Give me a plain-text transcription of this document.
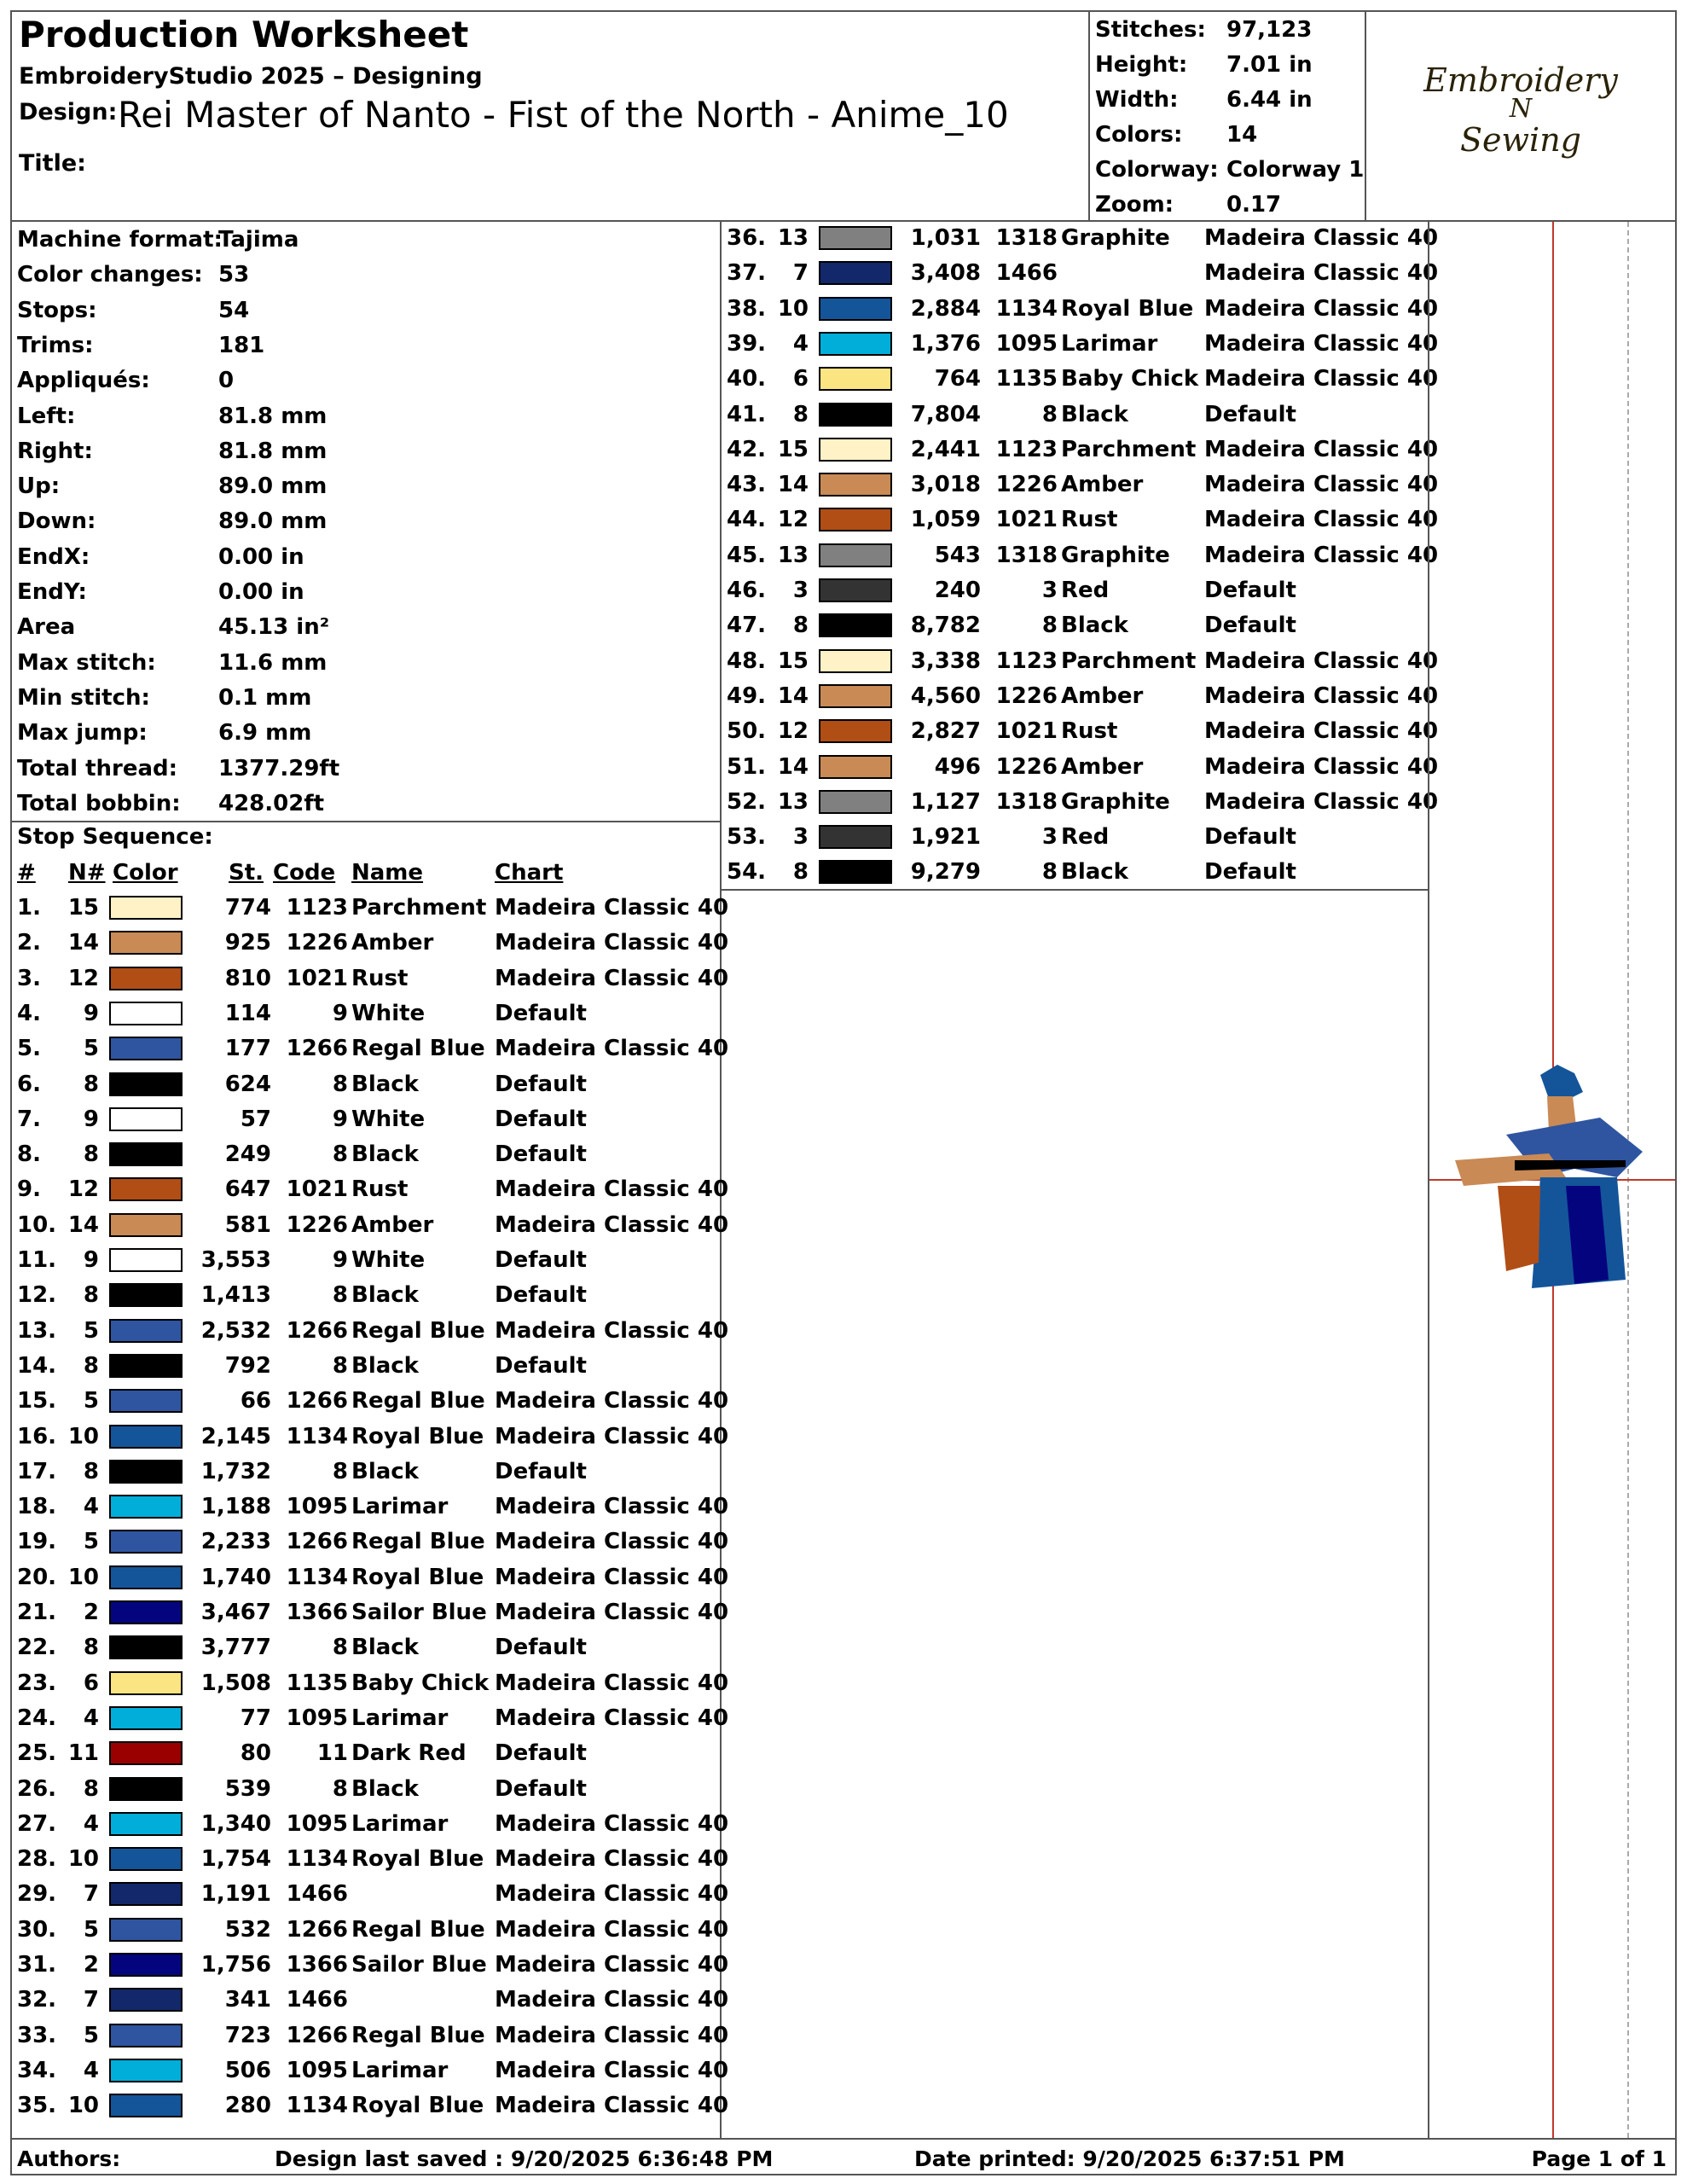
Production Worksheet
EmbroideryStudio 2025 – Designing
Design: Rei Master of Nanto - Fist of the North - Anime_10
Title:
Stitches: 97,123
Height: 7.01 in
Width: 6.44 in
Colors: 14
Colorway: Colorway 1
Zoom: 0.17
Embroidery
N
Sewing
Machine format:
Tajima
Color changes: 53
Stops:	54
Trims:	181
Appliqués:	0
Left:	81.8 mm
Right:	81.8 mm
Up:	89.0 mm
Down:	89.0 mm
EndX:	0.00 in
EndY:	0.00 in
Area	45.13 in²
Max stitch:	11.6 mm
Min stitch:	0.1 mm
Max jump:	6.9 mm
Total thread: 1377.29ft
Total bobbin: 428.02ft
Stop Sequence:
# N# Color St. Code Name	Chart
1.	15	774 1123 Parchment Madeira Classic 40
2.	14	925 1226 Amber	Madeira Classic 40
3.	12	810 1021 Rust	Madeira Classic 40
4.	9	114	9 White	Default
5.	5	177 1266 Regal Blue Madeira Classic 40
6.	8	624	8 Black	Default
7.	9	57	9 White	Default
8.	8	249	8 Black	Default
9.	12	647 1021 Rust	Madeira Classic 40
10. 14	581 1226 Amber	Madeira Classic 40
11.	9	3,553	9 White	Default
12.	8	1,413	8 Black	Default
13.	5	2,532 1266 Regal Blue Madeira Classic 40
14.	8	792	8 Black	Default
15.	5	66 1266 Regal Blue Madeira Classic 40
16. 10	2,145 1134 Royal Blue Madeira Classic 40
17.	8	1,732	8 Black	Default
18.	4	1,188 1095 Larimar Madeira Classic 40
19.	5	2,233 1266 Regal Blue Madeira Classic 40
20. 10	1,740 1134 Royal Blue Madeira Classic 40
21.	2	3,467 1366 Sailor Blue Madeira Classic 40
22.	8	3,777	8 Black	Default
23.	6	1,508 1135 Baby Chick Madeira Classic 40
24.	4	77 1095 Larimar Madeira Classic 40
25. 11	80	11 Dark Red Default
26.	8	539	8 Black	Default
27.	4	1,340 1095 Larimar Madeira Classic 40
28. 10	1,754 1134 Royal Blue Madeira Classic 40
29.	7	1,191 1466	Madeira Classic 40
30.	5	532 1266 Regal Blue Madeira Classic 40
31.	2	1,756 1366 Sailor Blue Madeira Classic 40
32.	7	341 1466	Madeira Classic 40
33.	5	723 1266 Regal Blue Madeira Classic 40
34.	4	506 1095 Larimar Madeira Classic 40
35. 10	280 1134 Royal Blue Madeira Classic 40
36. 13	1,031 1318 Graphite Madeira Classic 40
37.	7	3,408 1466	Madeira Classic 40
38. 10	2,884 1134 Royal Blue Madeira Classic 40
39.	4	1,376 1095 Larimar Madeira Classic 40
40.	6	764 1135 Baby Chick Madeira Classic 40
41.	8	7,804	8 Black	Default
42. 15	2,441 1123 Parchment Madeira Classic 40
43. 14	3,018 1226 Amber	Madeira Classic 40
44. 12	1,059 1021 Rust	Madeira Classic 40
45. 13	543 1318 Graphite Madeira Classic 40
46.	3	240	3 Red	Default
47.	8	8,782	8 Black	Default
48. 15	3,338 1123 Parchment Madeira Classic 40
49. 14	4,560 1226 Amber	Madeira Classic 40
50. 12	2,827 1021 Rust	Madeira Classic 40
51. 14	496 1226 Amber	Madeira Classic 40
52. 13	1,127 1318 Graphite Madeira Classic 40
53.	3	1,921	3 Red	Default
54.	8	9,279	8 Black	Default
Authors:	Design last saved : 9/20/2025 6:36:48 PM	Date printed: 9/20/2025 6:37:51 PM	Page 1 of 1
